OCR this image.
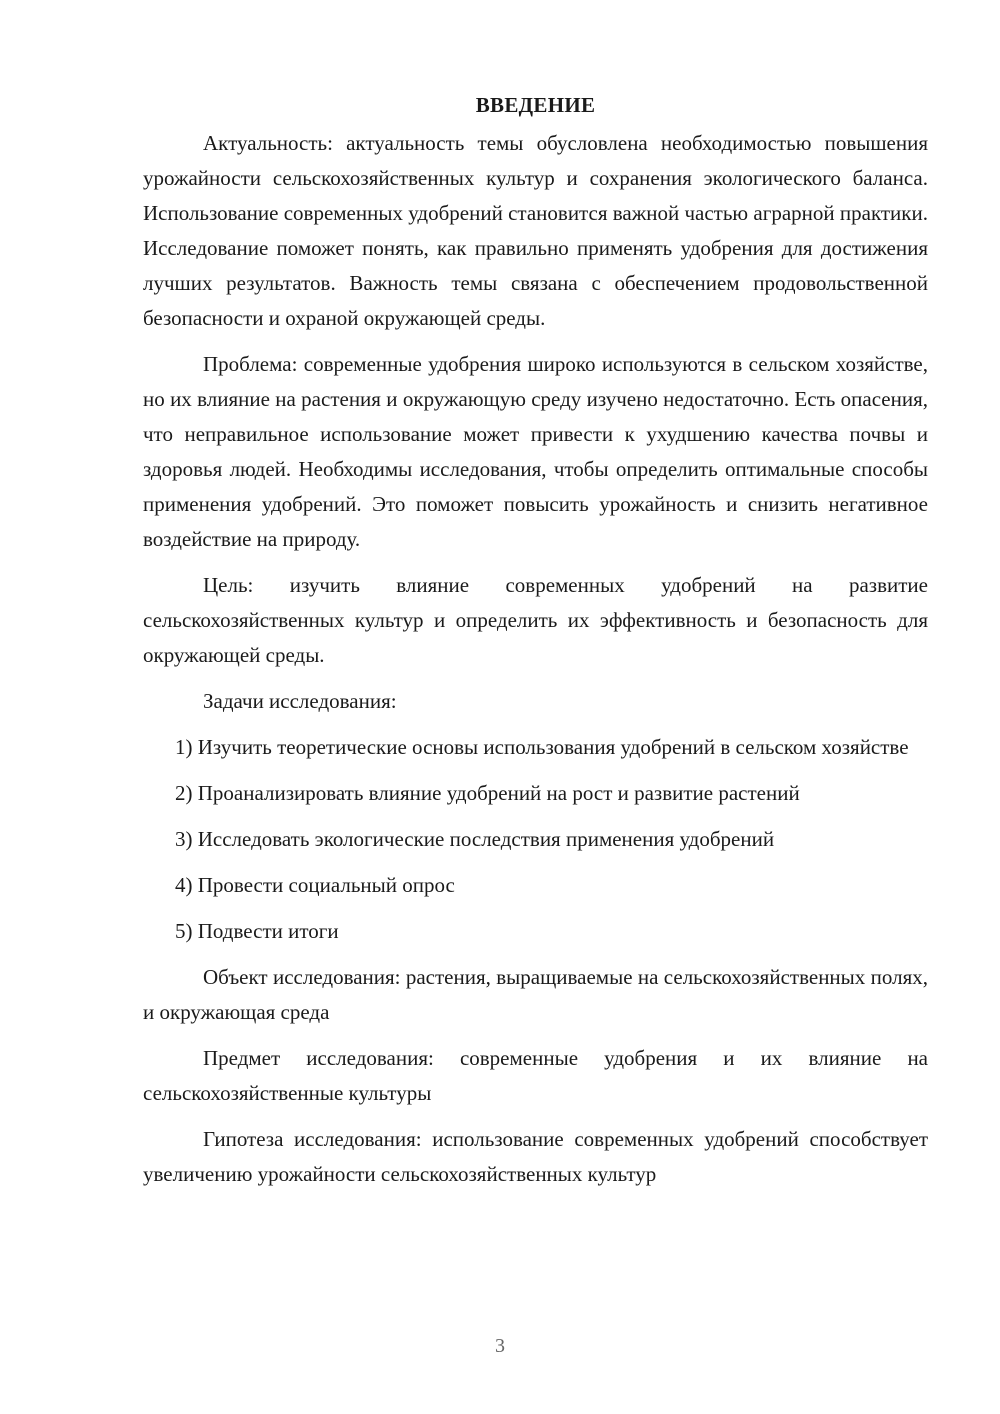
ВВЕДЕНИЕ

Актуальность: актуальность темы обусловлена необходимостью повышения урожайности сельскохозяйственных культур и сохранения экологического баланса. Использование современных удобрений становится важной частью аграрной практики. Исследование поможет понять, как правильно применять удобрения для достижения лучших результатов. Важность темы связана с обеспечением продовольственной безопасности и охраной окружающей среды.

Проблема: современные удобрения широко используются в сельском хозяйстве, но их влияние на растения и окружающую среду изучено недостаточно. Есть опасения, что неправильное использование может привести к ухудшению качества почвы и здоровья людей. Необходимы исследования, чтобы определить оптимальные способы применения удобрений. Это поможет повысить урожайность и снизить негативное воздействие на природу.

Цель: изучить влияние современных удобрений на развитие сельскохозяйственных культур и определить их эффективность и безопасность для окружающей среды.

Задачи исследования:

1) Изучить теоретические основы использования удобрений в сельском хозяйстве

2) Проанализировать влияние удобрений на рост и развитие растений

3) Исследовать экологические последствия применения удобрений

4) Провести социальный опрос

5) Подвести итоги

Объект исследования: растения, выращиваемые на сельскохозяйственных полях, и окружающая среда

Предмет исследования: современные удобрения и их влияние на сельскохозяйственные культуры

Гипотеза исследования: использование современных удобрений способствует увеличению урожайности сельскохозяйственных культур

3
